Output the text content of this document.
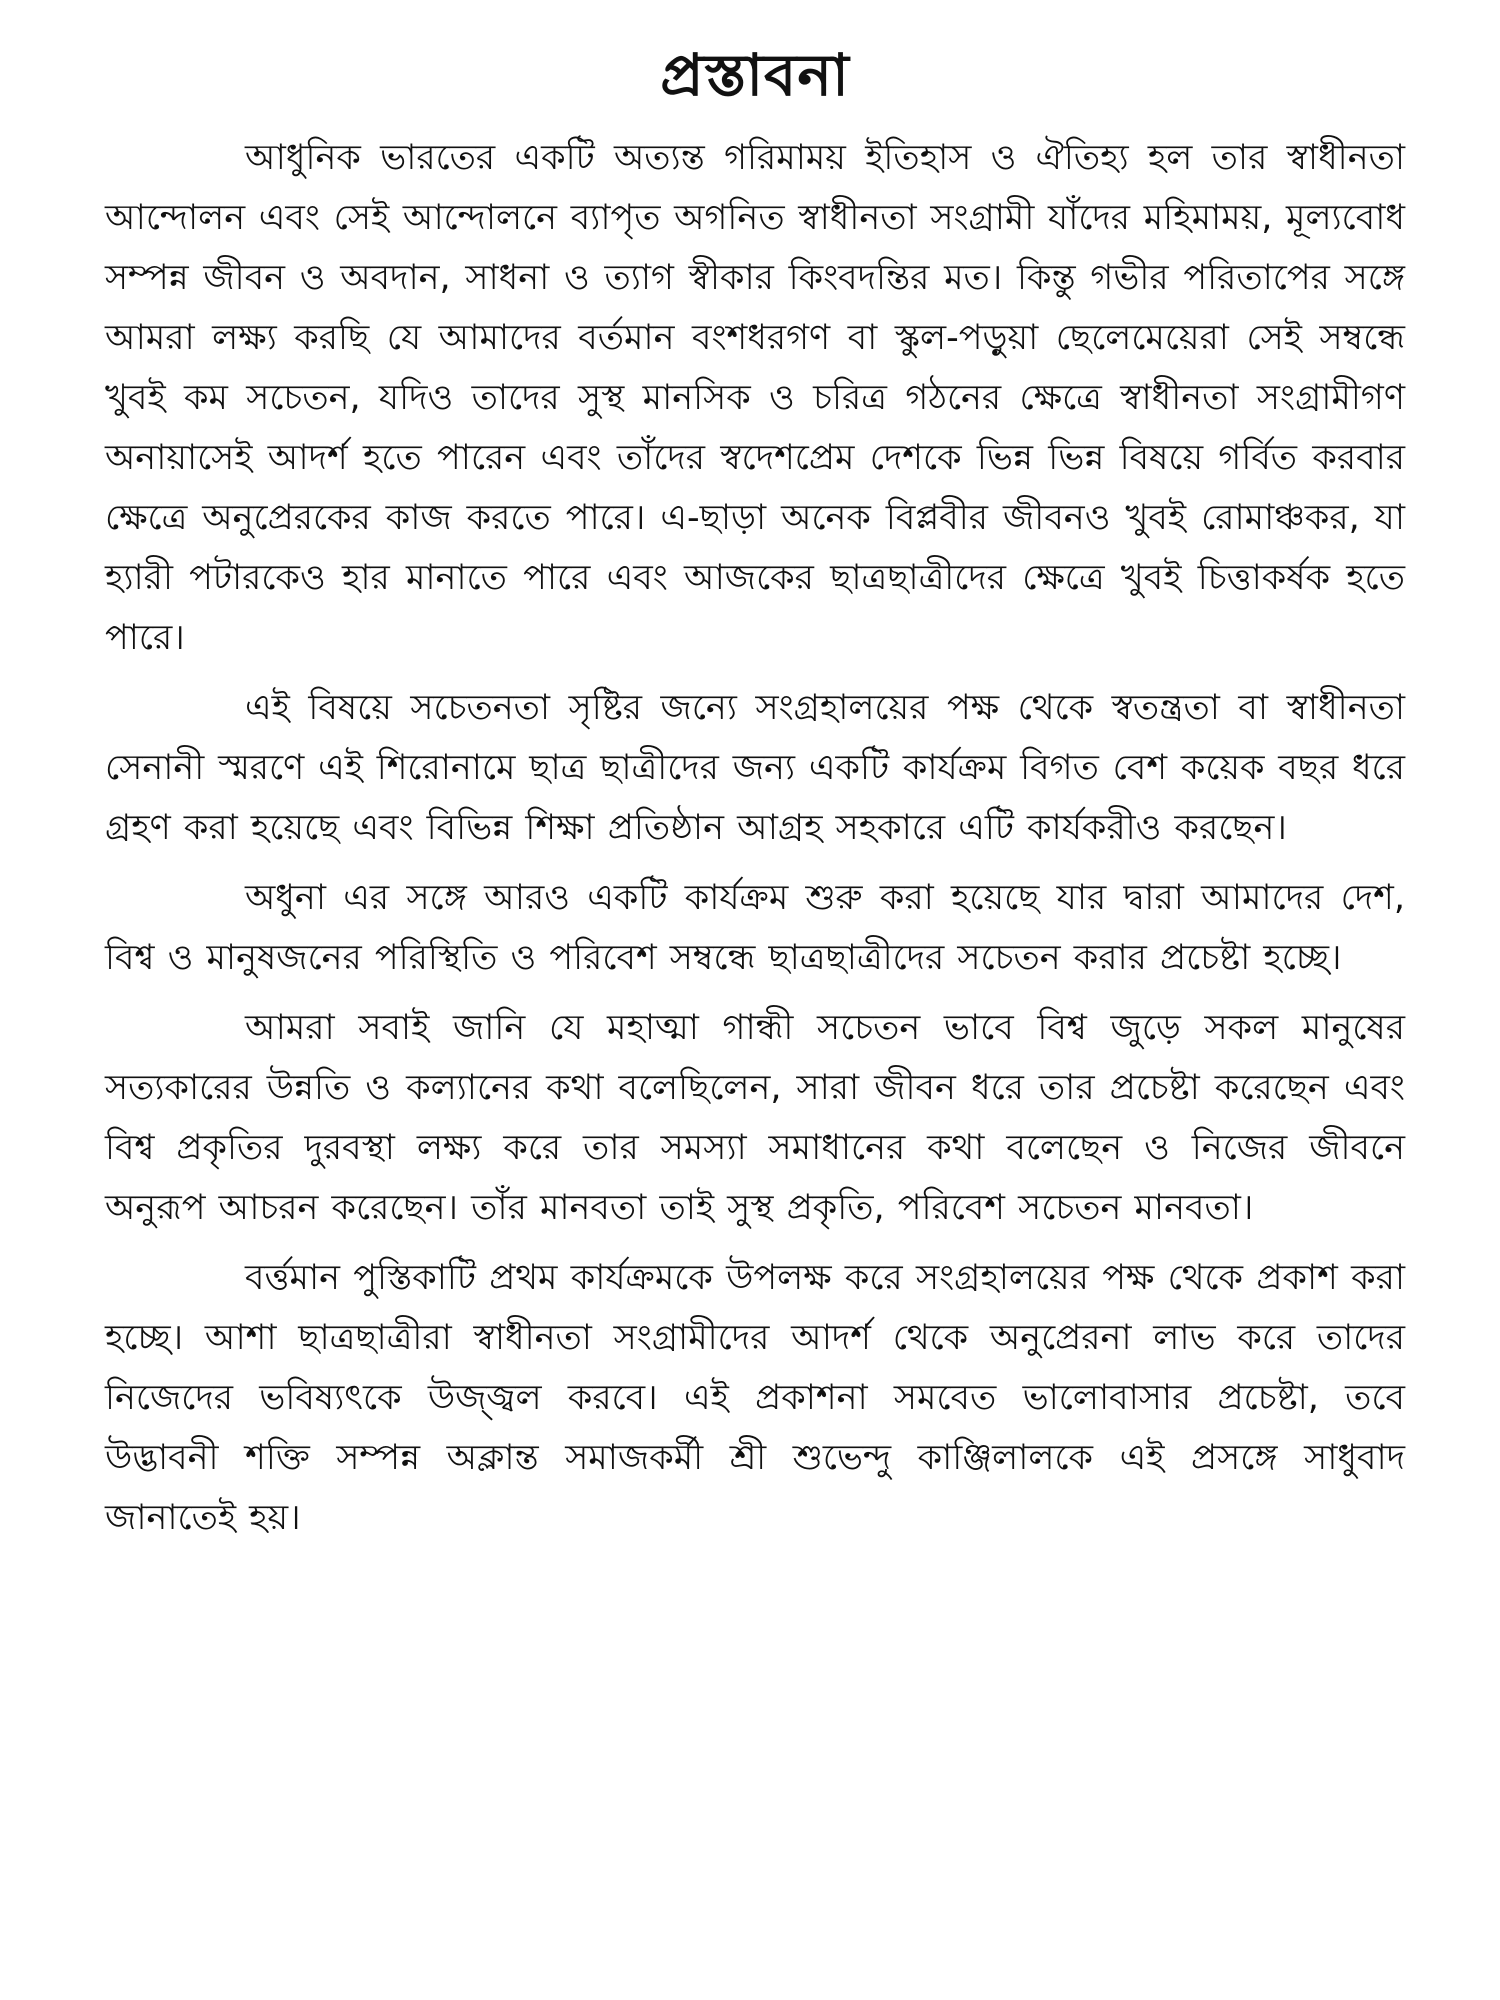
প্রস্তাবনা

আধুনিক ভারতের একটি অত্যন্ত গরিমাময় ইতিহাস ও ঐতিহ্য হল তার স্বাধীনতা আন্দোলন এবং সেই আন্দোলনে ব্যাপৃত অগনিত স্বাধীনতা সংগ্রামী যাঁদের মহিমাময়, মূল্যবোধ সম্পন্ন জীবন ও অবদান, সাধনা ও ত্যাগ স্বীকার কিংবদন্তির মত। কিন্তু গভীর পরিতাপের সঙ্গে আমরা লক্ষ্য করছি যে আমাদের বর্তমান বংশধরগণ বা স্কুল-পড়ুয়া ছেলেমেয়েরা সেই সম্বন্ধে খুবই কম সচেতন, যদিও তাদের সুস্থ মানসিক ও চরিত্র গঠনের ক্ষেত্রে স্বাধীনতা সংগ্রামীগণ অনায়াসেই আদর্শ হতে পারেন এবং তাঁদের স্বদেশপ্রেম দেশকে ভিন্ন ভিন্ন বিষয়ে গর্বিত করবার ক্ষেত্রে অনুপ্রেরকের কাজ করতে পারে। এ-ছাড়া অনেক বিপ্লবীর জীবনও খুবই রোমাঞ্চকর, যা হ্যারী পটারকেও হার মানাতে পারে এবং আজকের ছাত্রছাত্রীদের ক্ষেত্রে খুবই চিত্তাকর্ষক হতে পারে।

এই বিষয়ে সচেতনতা সৃষ্টির জন্যে সংগ্রহালয়ের পক্ষ থেকে স্বতন্ত্রতা বা স্বাধীনতা সেনানী স্মরণে এই শিরোনামে ছাত্র ছাত্রীদের জন্য একটি কার্যক্রম বিগত বেশ কয়েক বছর ধরে গ্রহণ করা হয়েছে এবং বিভিন্ন শিক্ষা প্রতিষ্ঠান আগ্রহ সহকারে এটি কার্যকরীও করছেন।

অধুনা এর সঙ্গে আরও একটি কার্যক্রম শুরু করা হয়েছে যার দ্বারা আমাদের দেশ, বিশ্ব ও মানুষজনের পরিস্থিতি ও পরিবেশ সম্বন্ধে ছাত্রছাত্রীদের সচেতন করার প্রচেষ্টা হচ্ছে।

আমরা সবাই জানি যে মহাত্মা গান্ধী সচেতন ভাবে বিশ্ব জুড়ে সকল মানুষের সত্যকারের উন্নতি ও কল্যানের কথা বলেছিলেন, সারা জীবন ধরে তার প্রচেষ্টা করেছেন এবং বিশ্ব প্রকৃতির দুরবস্থা লক্ষ্য করে তার সমস্যা সমাধানের কথা বলেছেন ও নিজের জীবনে অনুরূপ আচরন করেছেন। তাঁর মানবতা তাই সুস্থ প্রকৃতি, পরিবেশ সচেতন মানবতা।

বর্ত্তমান পুস্তিকাটি প্রথম কার্যক্রমকে উপলক্ষ করে সংগ্রহালয়ের পক্ষ থেকে প্রকাশ করা হচ্ছে। আশা ছাত্রছাত্রীরা স্বাধীনতা সংগ্রামীদের আদর্শ থেকে অনুপ্রেরনা লাভ করে তাদের নিজেদের ভবিষ্যৎকে উজ্জ্বল করবে। এই প্রকাশনা সমবেত ভালোবাসার প্রচেষ্টা, তবে উদ্ভাবনী শক্তি সম্পন্ন অক্লান্ত সমাজকর্মী শ্রী শুভেন্দু কাঞ্জিলালকে এই প্রসঙ্গে সাধুবাদ জানাতেই হয়।
